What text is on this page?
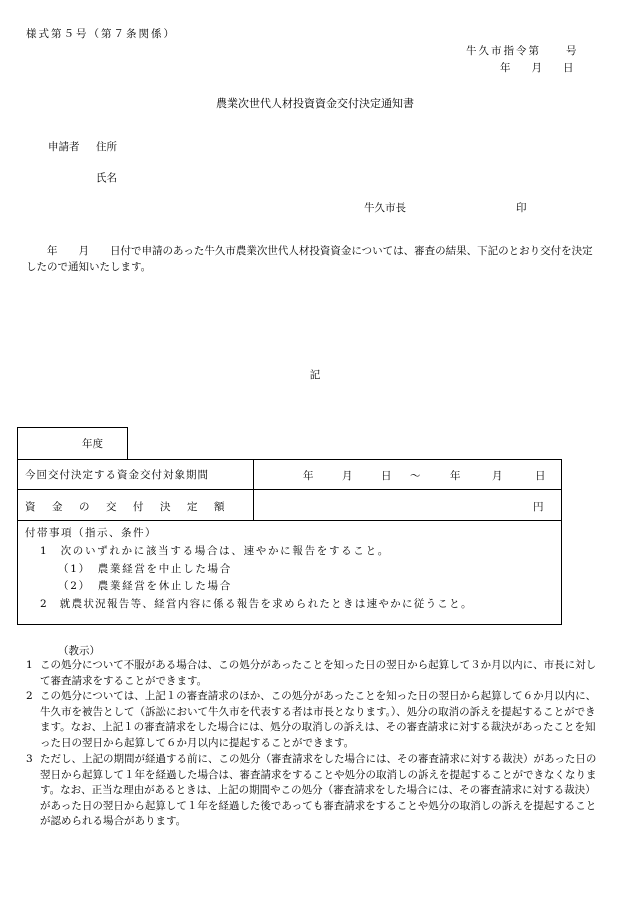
様式第５号（第７条関係）
牛久市指令第　　号
年　　月　　日
農業次世代人材投資資金交付決定通知書
申請者 住所
氏名
牛久市長	印
　　年　　月　　日付で申請のあった牛久市農業次世代人材投資資金については、審査の結果、下記のとおり交付を決定したので通知いたします。
記
年度
今回交付決定する資金交付対象期間	年	月	日 ～	年	月	日
資金の交付決定額	円
付帯事項（指示、条件）
1　次のいずれかに該当する場合は、速やかに報告をすること。
（1）　農業経営を中止した場合
（2）　農業経営を休止した場合
2　就農状況報告等、経営内容に係る報告を求められたときは速やかに従うこと。
（教示）
1 この処分について不服がある場合は、この処分があったことを知った日の翌日から起算して３か月以内に、市長に対して審査請求をすることができます。
2 この処分については、上記１の審査請求のほか、この処分があったことを知った日の翌日から起算して６か月以内に、牛久市を被告として（訴訟において牛久市を代表する者は市長となります。）、処分の取消の訴えを提起することができます。なお、上記１の審査請求をした場合には、処分の取消しの訴えは、その審査請求に対する裁決があったことを知った日の翌日から起算して６か月以内に提起することができます。
3 ただし、上記の期間が経過する前に、この処分（審査請求をした場合には、その審査請求に対する裁決）があった日の翌日から起算して１年を経過した場合は、審査請求をすることや処分の取消しの訴えを提起することができなくなります。なお、正当な理由があるときは、上記の期間やこの処分（審査請求をした場合には、その審査請求に対する裁決）があった日の翌日から起算して１年を経過した後であっても審査請求をすることや処分の取消しの訴えを提起することが認められる場合があります。
